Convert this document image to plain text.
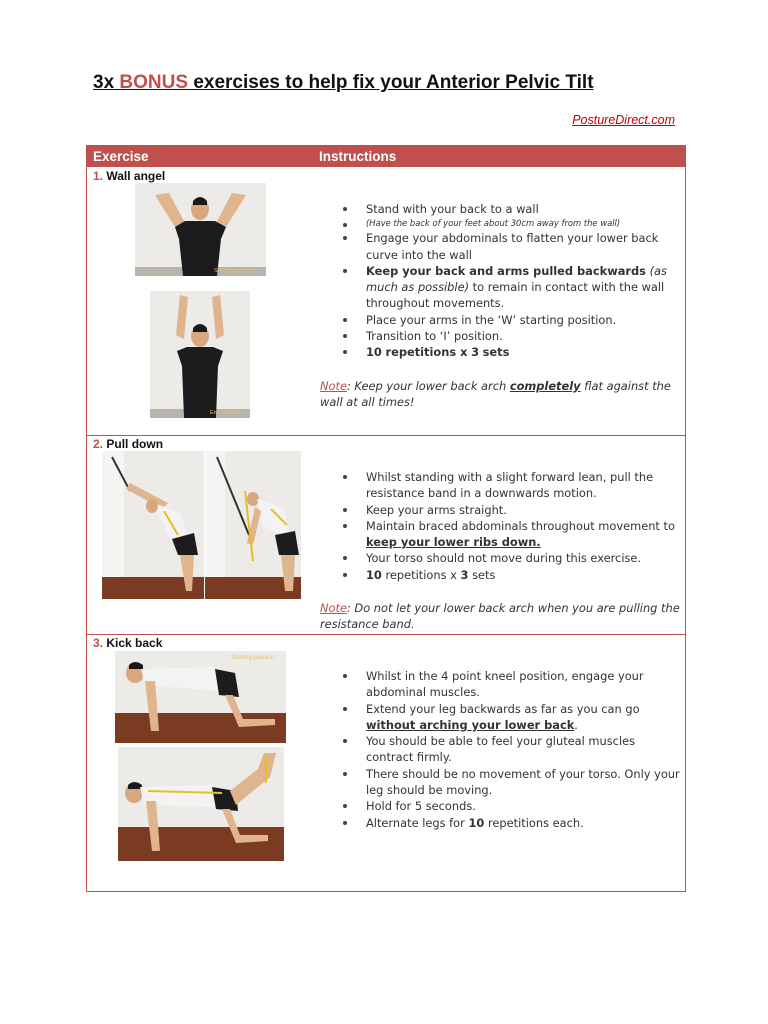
3x BONUS exercises to help fix your Anterior Pelvic Tilt
PostureDirect.com
Exercise	Instructions
1. Wall angel
Starting position
End position
Stand with your back to a wall
(Have the back of your feet about 30cm away from the wall)
Engage your abdominals to flatten your lower back curve into the wall
Keep your back and arms pulled backwards (as much as possible) to remain in contact with the wall throughout movements.
Place your arms in the ‘W’ starting position.
Transition to ‘I’ position.
10 repetitions x 3 sets
Note: Keep your lower back arch completely flat against the wall at all times!
2. Pull down
Whilst standing with a slight forward lean, pull the resistance band in a downwards motion.
Keep your arms straight.
Maintain braced abdominals throughout movement to keep your lower ribs down.
Your torso should not move during this exercise.
10 repetitions x 3 sets
Note: Do not let your lower back arch when you are pulling the resistance band.
3. Kick back
Starting position
Whilst in the 4 point kneel position, engage your abdominal muscles.
Extend your leg backwards as far as you can go without arching your lower back.
You should be able to feel your gluteal muscles contract firmly.
There should be no movement of your torso. Only your leg should be moving.
Hold for 5 seconds.
Alternate legs for 10 repetitions each.
